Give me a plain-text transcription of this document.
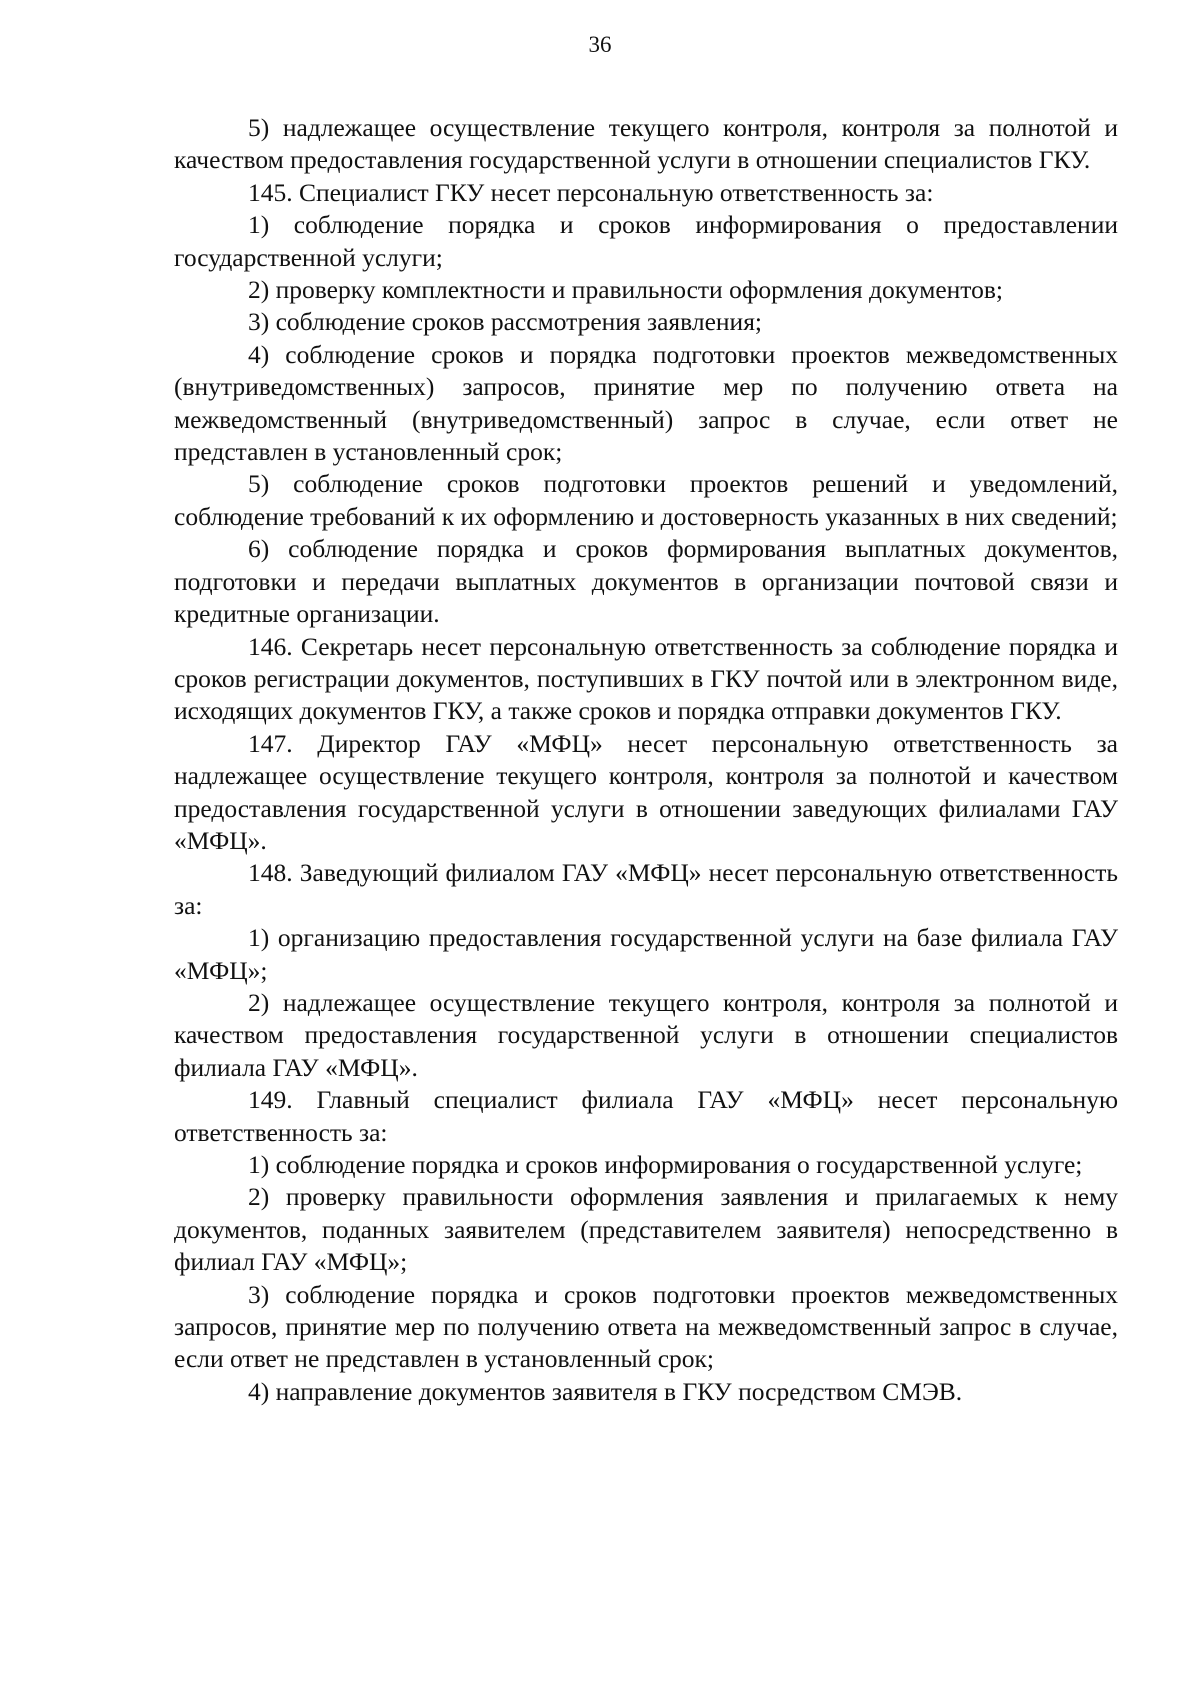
36

5) надлежащее осуществление текущего контроля, контроля за полнотой и качеством предоставления государственной услуги в отношении специалистов ГКУ.

145. Специалист ГКУ несет персональную ответственность за:

1) соблюдение порядка и сроков информирования о предоставлении государственной услуги;

2) проверку комплектности и правильности оформления документов;

3) соблюдение сроков рассмотрения заявления;

4) соблюдение сроков и порядка подготовки проектов межведомственных (внутриведомственных) запросов, принятие мер по получению ответа на межведомственный (внутриведомственный) запрос в случае, если ответ не представлен в установленный срок;

5) соблюдение сроков подготовки проектов решений и уведомлений, соблюдение требований к их оформлению и достоверность указанных в них сведений;

6) соблюдение порядка и сроков формирования выплатных документов, подготовки и передачи выплатных документов в организации почтовой связи и кредитные организации.

146. Секретарь несет персональную ответственность за соблюдение порядка и сроков регистрации документов, поступивших в ГКУ почтой или в электронном виде, исходящих документов ГКУ, а также сроков и порядка отправки документов ГКУ.

147. Директор ГАУ «МФЦ» несет персональную ответственность за надлежащее осуществление текущего контроля, контроля за полнотой и качеством предоставления государственной услуги в отношении заведующих филиалами ГАУ «МФЦ».

148. Заведующий филиалом ГАУ «МФЦ» несет персональную ответственность за:

1) организацию предоставления государственной услуги на базе филиала ГАУ «МФЦ»;

2) надлежащее осуществление текущего контроля, контроля за полнотой и качеством предоставления государственной услуги в отношении специалистов филиала ГАУ «МФЦ».

149. Главный специалист филиала ГАУ «МФЦ» несет персональную ответственность за:

1) соблюдение порядка и сроков информирования о государственной услуге;

2) проверку правильности оформления заявления и прилагаемых к нему документов, поданных заявителем (представителем заявителя) непосредственно в филиал ГАУ «МФЦ»;

3) соблюдение порядка и сроков подготовки проектов межведомственных запросов, принятие мер по получению ответа на межведомственный запрос в случае, если ответ не представлен в установленный срок;

4) направление документов заявителя в ГКУ посредством СМЭВ.
